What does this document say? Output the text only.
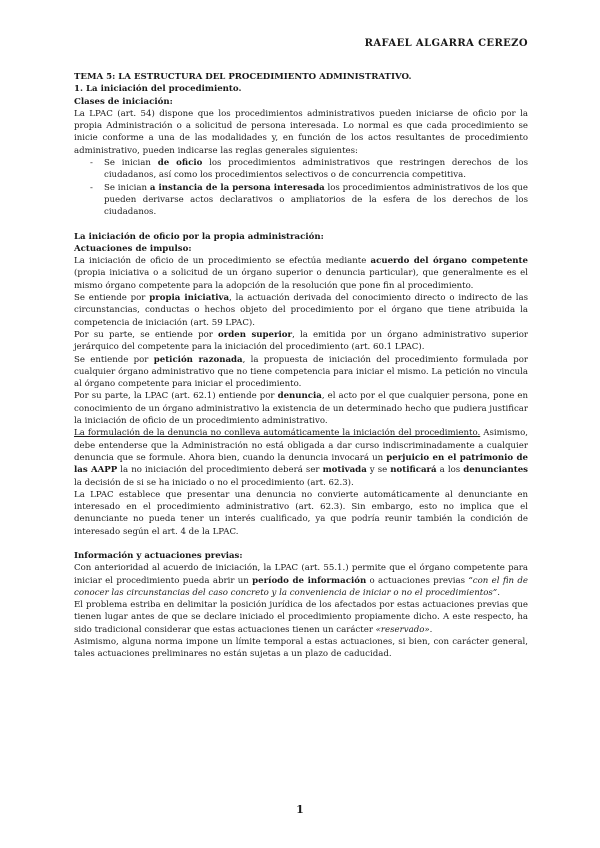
RAFAEL ALGARRA CEREZO

TEMA 5: LA ESTRUCTURA DEL PROCEDIMIENTO ADMINISTRATIVO.

1. La iniciación del procedimiento.

Clases de iniciación:

La LPAC (art. 54) dispone que los procedimientos administrativos pueden iniciarse de oficio por la propia Administración o a solicitud de persona interesada. Lo normal es que cada procedimiento se inicie conforme a una de las modalidades y, en función de los actos resultantes de procedimiento administrativo, pueden indicarse las reglas generales siguientes:

- Se inician de oficio los procedimientos administrativos que restringen derechos de los ciudadanos, así como los procedimientos selectivos o de concurrencia competitiva.
- Se inician a instancia de la persona interesada los procedimientos administrativos de los que pueden derivarse actos declarativos o ampliatorios de la esfera de los derechos de los ciudadanos.

La iniciación de oficio por la propia administración:

Actuaciones de impulso:

La iniciación de oficio de un procedimiento se efectúa mediante acuerdo del órgano competente (propia iniciativa o a solicitud de un órgano superior o denuncia particular), que generalmente es el mismo órgano competente para la adopción de la resolución que pone fin al procedimiento.

Se entiende por propia iniciativa, la actuación derivada del conocimiento directo o indirecto de las circunstancias, conductas o hechos objeto del procedimiento por el órgano que tiene atribuida la competencia de iniciación (art. 59 LPAC).

Por su parte, se entiende por orden superior, la emitida por un órgano administrativo superior jerárquico del competente para la iniciación del procedimiento (art. 60.1 LPAC).

Se entiende por petición razonada, la propuesta de iniciación del procedimiento formulada por cualquier órgano administrativo que no tiene competencia para iniciar el mismo. La petición no vincula al órgano competente para iniciar el procedimiento.

Por su parte, la LPAC (art. 62.1) entiende por denuncia, el acto por el que cualquier persona, pone en conocimiento de un órgano administrativo la existencia de un determinado hecho que pudiera justificar la iniciación de oficio de un procedimiento administrativo.

La formulación de la denuncia no conlleva automáticamente la iniciación del procedimiento. Asimismo, debe entenderse que la Administración no está obligada a dar curso indiscriminadamente a cualquier denuncia que se formule. Ahora bien, cuando la denuncia invocará un perjuicio en el patrimonio de las AAPP la no iniciación del procedimiento deberá ser motivada y se notificará a los denunciantes la decisión de si se ha iniciado o no el procedimiento (art. 62.3).

La LPAC establece que presentar una denuncia no convierte automáticamente al denunciante en interesado en el procedimiento administrativo (art. 62.3). Sin embargo, esto no implica que el denunciante no pueda tener un interés cualificado, ya que podría reunir también la condición de interesado según el art. 4 de la LPAC.

Información y actuaciones previas:

Con anterioridad al acuerdo de iniciación, la LPAC (art. 55.1.) permite que el órgano competente para iniciar el procedimiento pueda abrir un período de información o actuaciones previas “con el fin de conocer las circunstancias del caso concreto y la conveniencia de iniciar o no el procedimientos”.

El problema estriba en delimitar la posición jurídica de los afectados por estas actuaciones previas que tienen lugar antes de que se declare iniciado el procedimiento propiamente dicho. A este respecto, ha sido tradicional considerar que estas actuaciones tienen un carácter «reservado».

Asimismo, alguna norma impone un límite temporal a estas actuaciones, si bien, con carácter general, tales actuaciones preliminares no están sujetas a un plazo de caducidad.

1
